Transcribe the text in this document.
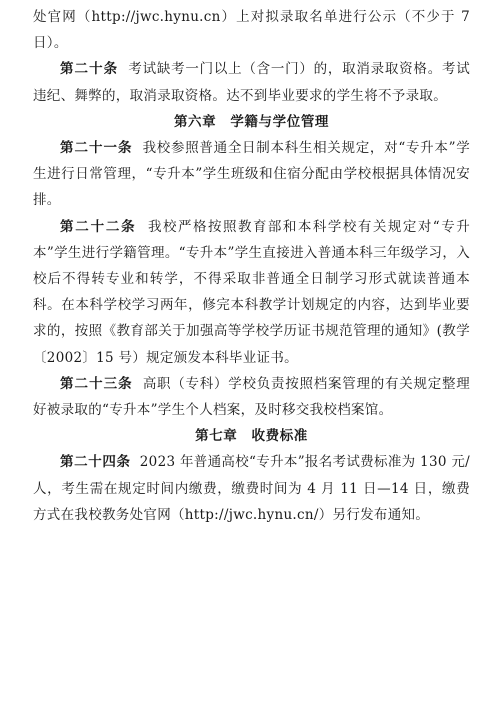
处官网（http://jwc.hynu.cn）上对拟录取名单进行公示（不少于 7 日）。

第二十条 考试缺考一门以上（含一门）的，取消录取资格。考试违纪、舞弊的，取消录取资格。达不到毕业要求的学生将不予录取。

第六章　学籍与学位管理

第二十一条 我校参照普通全日制本科生相关规定，对“专升本”学生进行日常管理，“专升本”学生班级和住宿分配由学校根据具体情况安排。

第二十二条 我校严格按照教育部和本科学校有关规定对“专升本”学生进行学籍管理。“专升本”学生直接进入普通本科三年级学习，入校后不得转专业和转学，不得采取非普通全日制学习形式就读普通本科。在本科学校学习两年，修完本科教学计划规定的内容，达到毕业要求的，按照《教育部关于加强高等学校学历证书规范管理的通知》(教学〔2002〕15 号）规定颁发本科毕业证书。

第二十三条 高职（专科）学校负责按照档案管理的有关规定整理好被录取的“专升本”学生个人档案，及时移交我校档案馆。

第七章　收费标准

第二十四条 2023 年普通高校“专升本”报名考试费标准为 130 元/人，考生需在规定时间内缴费，缴费时间为 4 月 11 日—14 日，缴费方式在我校教务处官网（http://jwc.hynu.cn/）另行发布通知。
